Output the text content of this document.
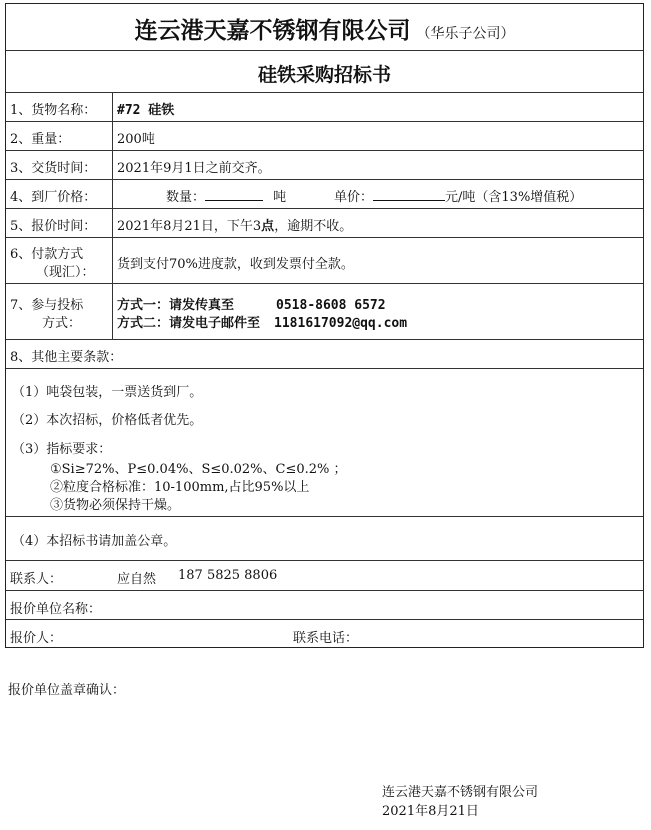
连云港天嘉不锈钢有限公司 （华乐子公司）
硅铁采购招标书
1、货物名称： #72 硅铁
2、重量：	200吨
3、交货时间： 2021年9月1日之前交齐。
4、到厂价格：	数量：	吨	单价：	元/吨（含13%增值税）
5、报价时间： 2021年8月21日，下午3点，逾期不收。
6、付款方式
（现汇）：
货到支付70%进度款，收到发票付全款。
7、参与投标
方式：
方式一：请发传真至	0518-8608 6572
方式二：请发电子邮件至 1181617092@qq.com
8、其他主要条款：
（1）吨袋包装，一票送货到厂。
（2）本次招标，价格低者优先。
（3）指标要求：
①Si≥72%、P≤0.04%、S≤0.02%、C≤0.2% ；
②粒度合格标准：10-100mm,占比95%以上
③货物必须保持干燥。
（4）本招标书请加盖公章。
联系人：	应自然 187 5825 8806
报价单位名称：
报价人：	联系电话：
报价单位盖章确认：
连云港天嘉不锈钢有限公司
2021年8月21日
